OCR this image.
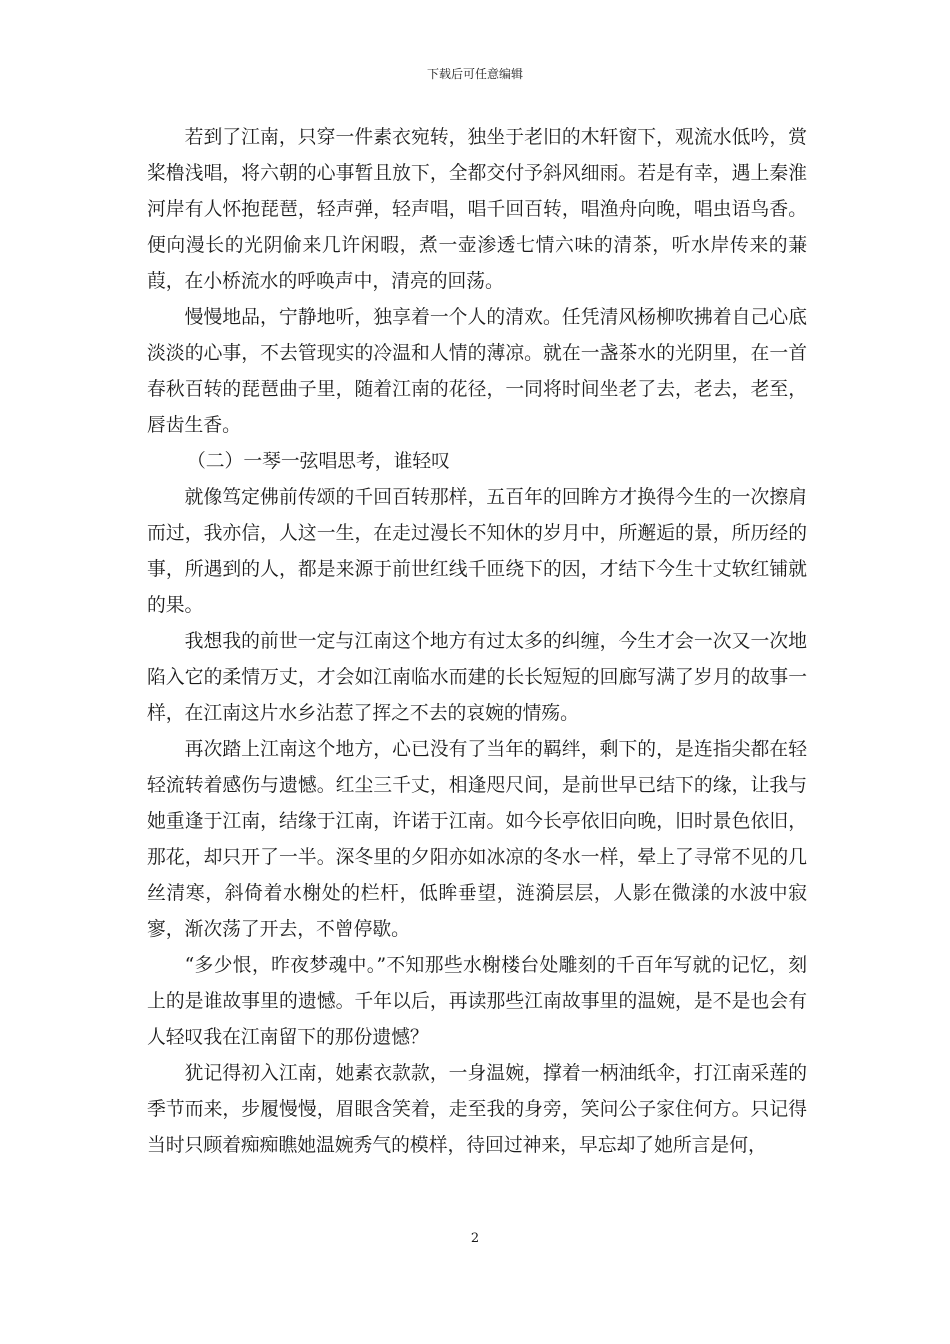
下载后可任意编辑

若到了江南，只穿一件素衣宛转，独坐于老旧的木轩窗下，观流水低吟，赏桨橹浅唱，将六朝的心事暂且放下，全都交付予斜风细雨。若是有幸，遇上秦淮河岸有人怀抱琵琶，轻声弹，轻声唱，唱千回百转，唱渔舟向晚，唱虫语鸟香。便向漫长的光阴偷来几许闲暇，煮一壶渗透七情六味的清茶，听水岸传来的蒹葭，在小桥流水的呼唤声中，清亮的回荡。

慢慢地品，宁静地听，独享着一个人的清欢。任凭清风杨柳吹拂着自己心底淡淡的心事，不去管现实的冷温和人情的薄凉。就在一盏茶水的光阴里，在一首春秋百转的琵琶曲子里，随着江南的花径，一同将时间坐老了去，老去，老至，唇齿生香。

（二）一琴一弦唱思考，谁轻叹

就像笃定佛前传颂的千回百转那样，五百年的回眸方才换得今生的一次擦肩而过，我亦信，人这一生，在走过漫长不知休的岁月中，所邂逅的景，所历经的事，所遇到的人，都是来源于前世红线千匝绕下的因，才结下今生十丈软红铺就的果。

我想我的前世一定与江南这个地方有过太多的纠缠，今生才会一次又一次地陷入它的柔情万丈，才会如江南临水而建的长长短短的回廊写满了岁月的故事一样，在江南这片水乡沾惹了挥之不去的哀婉的情殇。

再次踏上江南这个地方，心已没有了当年的羁绊，剩下的，是连指尖都在轻轻流转着感伤与遗憾。红尘三千丈，相逢咫尺间，是前世早已结下的缘，让我与她重逢于江南，结缘于江南，许诺于江南。如今长亭依旧向晚，旧时景色依旧，那花，却只开了一半。深冬里的夕阳亦如冰凉的冬水一样，晕上了寻常不见的几丝清寒，斜倚着水榭处的栏杆，低眸垂望，涟漪层层，人影在微漾的水波中寂寥，渐次荡了开去，不曾停歇。

“多少恨，昨夜梦魂中。”不知那些水榭楼台处雕刻的千百年写就的记忆，刻上的是谁故事里的遗憾。千年以后，再读那些江南故事里的温婉，是不是也会有人轻叹我在江南留下的那份遗憾？

犹记得初入江南，她素衣款款，一身温婉，撑着一柄油纸伞，打江南采莲的季节而来，步履慢慢，眉眼含笑着，走至我的身旁，笑问公子家住何方。只记得当时只顾着痴痴瞧她温婉秀气的模样，待回过神来，早忘却了她所言是何，

2
